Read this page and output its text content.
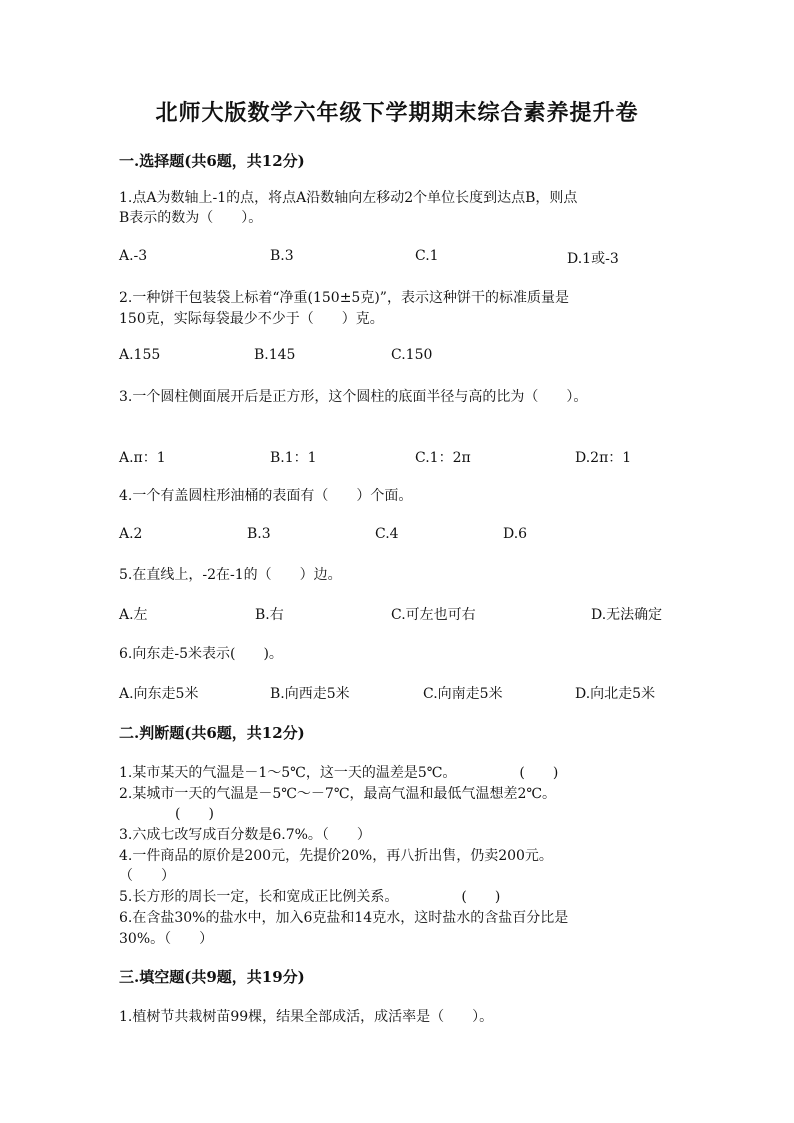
北师大版数学六年级下学期期末综合素养提升卷
一.选择题(共6题，共12分)
1.点A为数轴上-1的点，将点A沿数轴向左移动2个单位长度到达点B，则点
B表示的数为（　　）。
A.-3	B.3	C.1	D.1或-3
2.一种饼干包装袋上标着“净重(150±5克)”，表示这种饼干的标准质量是
150克，实际每袋最少不少于（　　）克。
A.155	B.145	C.150
3.一个圆柱侧面展开后是正方形，这个圆柱的底面半径与高的比为（　　）。
A.π：1	B.1：1	C.1：2π	D.2π：1
4.一个有盖圆柱形油桶的表面有（　　）个面。
A.2	B.3	C.4	D.6
5.在直线上，-2在-1的（　　）边。
A.左	B.右	C.可左也可右	D.无法确定
6.向东走-5米表示(　　)。
A.向东走5米	B.向西走5米	C.向南走5米	D.向北走5米
二.判断题(共6题，共12分)
1.某市某天的气温是－1～5℃，这一天的温差是5℃。　　　　　(　　)
2.某城市一天的气温是－5℃～－7℃，最高气温和最低气温想差2℃。
　　　　(　　)
3.六成七改写成百分数是6.7%。（　　）
4.一件商品的原价是200元，先提价20%，再八折出售，仍卖200元。
（　　）
5.长方形的周长一定，长和宽成正比例关系。　　　　　(　　)
6.在含盐30%的盐水中，加入6克盐和14克水，这时盐水的含盐百分比是
30%。（　　）
三.填空题(共9题，共19分)
1.植树节共栽树苗99棵，结果全部成活，成活率是（　　）。
